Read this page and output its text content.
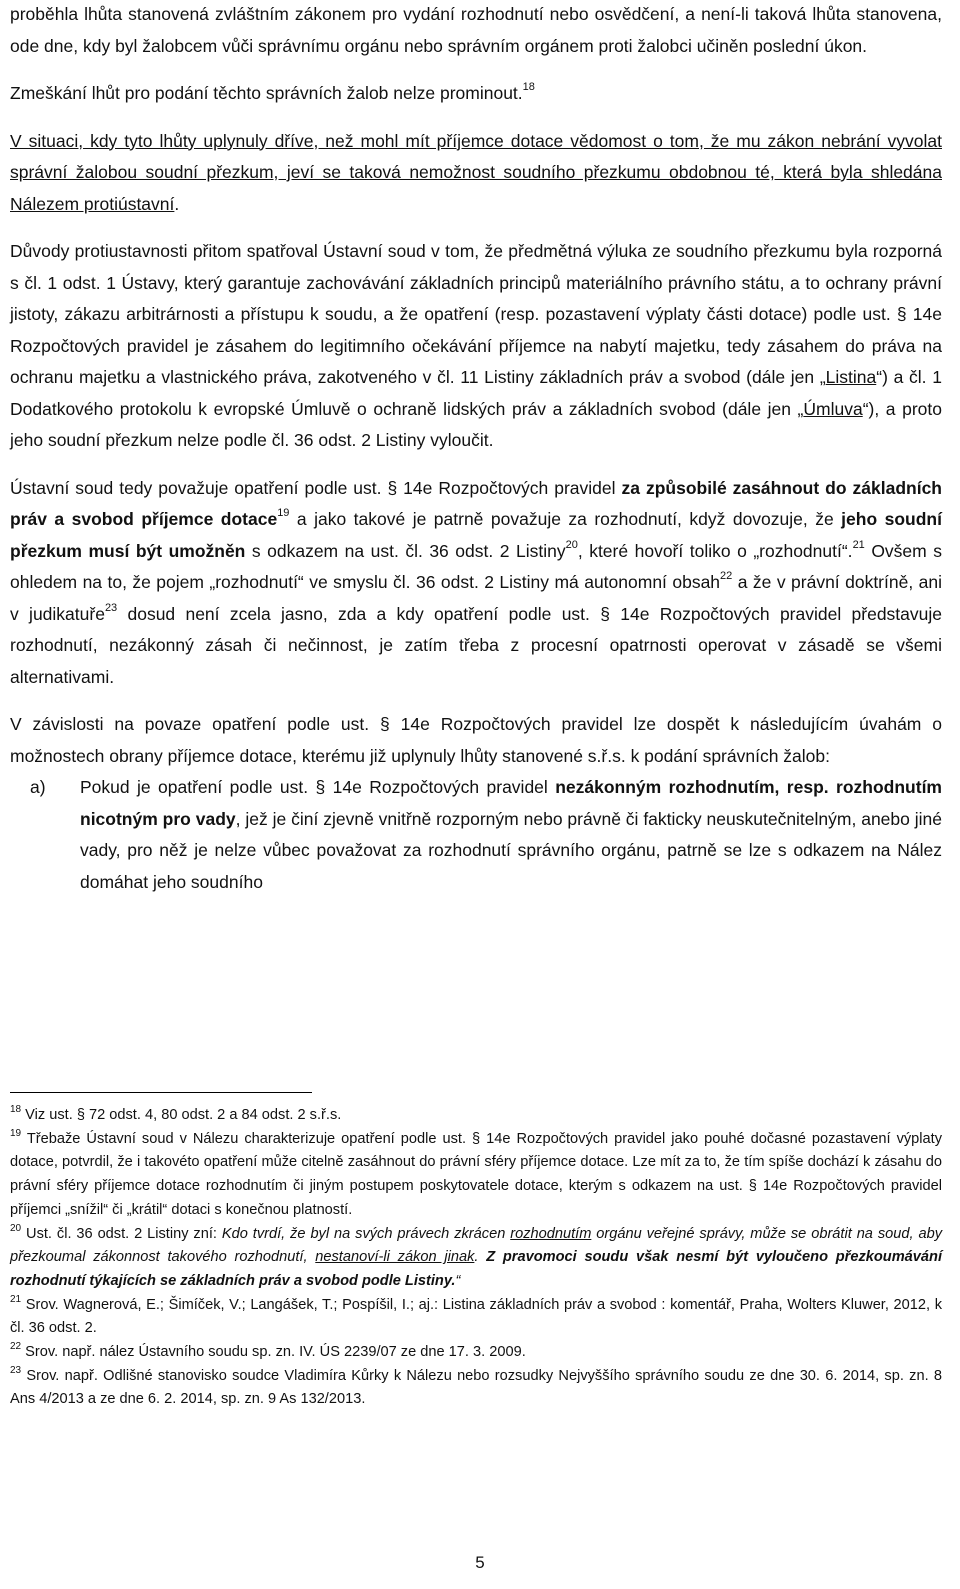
proběhla lhůta stanovená zvláštním zákonem pro vydání rozhodnutí nebo osvědčení, a není-li taková lhůta stanovena, ode dne, kdy byl žalobcem vůči správnímu orgánu nebo správním orgánem proti žalobci učiněn poslední úkon.

Zmeškání lhůt pro podání těchto správních žalob nelze prominout.$^{18}$

V situaci, kdy tyto lhůty uplynuly dříve, než mohl mít příjemce dotace vědomost o tom, že mu zákon nebrání vyvolat správní žalobou soudní přezkum, jeví se taková nemožnost soudního přezkumu obdobnou té, která byla shledána Nálezem protiústavní.

Důvody protiustavnosti přitom spatřoval Ústavní soud v tom, že předmětná výluka ze soudního přezkumu byla rozporná s čl. 1 odst. 1 Ústavy, který garantuje zachovávání základních principů materiálního právního státu, a to ochrany právní jistoty, zákazu arbitrárnosti a přístupu k soudu, a že opatření (resp. pozastavení výplaty části dotace) podle ust. § 14e Rozpočtových pravidel je zásahem do legitimního očekávání příjemce na nabytí majetku, tedy zásahem do práva na ochranu majetku a vlastnického práva, zakotveného v čl. 11 Listiny základních práv a svobod (dále jen „Listina“) a čl. 1 Dodatkového protokolu k evropské Úmluvě o ochraně lidských práv a základních svobod (dále jen „Úmluva“), a proto jeho soudní přezkum nelze podle čl. 36 odst. 2 Listiny vyloučit.

Ústavní soud tedy považuje opatření podle ust. § 14e Rozpočtových pravidel za způsobilé zasáhnout do základních práv a svobod příjemce dotace$^{19}$ a jako takové je patrně považuje za rozhodnutí, když dovozuje, že jeho soudní přezkum musí být umožněn s odkazem na ust. čl. 36 odst. 2 Listiny$^{20}$, které hovoří toliko o „rozhodnutí“.$^{21}$ Ovšem s ohledem na to, že pojem „rozhodnutí“ ve smyslu čl. 36 odst. 2 Listiny má autonomní obsah$^{22}$ a že v právní doktríně, ani v judikatuře$^{23}$ dosud není zcela jasno, zda a kdy opatření podle ust. § 14e Rozpočtových pravidel představuje rozhodnutí, nezákonný zásah či nečinnost, je zatím třeba z procesní opatrnosti operovat v zásadě se všemi alternativami.

V závislosti na povaze opatření podle ust. § 14e Rozpočtových pravidel lze dospět k následujícím úvahám o možnostech obrany příjemce dotace, kterému již uplynuly lhůty stanovené s.ř.s. k podání správních žalob:

a) Pokud je opatření podle ust. § 14e Rozpočtových pravidel nezákonným rozhodnutím, resp. rozhodnutím nicotným pro vady, jež je činí zjevně vnitřně rozporným nebo právně či fakticky neuskutečnitelným, anebo jiné vady, pro něž je nelze vůbec považovat za rozhodnutí správního orgánu, patrně se lze s odkazem na Nález domáhat jeho soudního

$^{18}$ Viz ust. § 72 odst. 4, 80 odst. 2 a 84 odst. 2 s.ř.s.

$^{19}$ Třebaže Ústavní soud v Nálezu charakterizuje opatření podle ust. § 14e Rozpočtových pravidel jako pouhé dočasné pozastavení výplaty dotace, potvrdil, že i takovéto opatření může citelně zasáhnout do právní sféry příjemce dotace. Lze mít za to, že tím spíše dochází k zásahu do právní sféry příjemce dotace rozhodnutím či jiným postupem poskytovatele dotace, kterým s odkazem na ust. § 14e Rozpočtových pravidel příjemci „snížil“ či „krátil“ dotaci s konečnou platností.

$^{20}$ Ust. čl. 36 odst. 2 Listiny zní: Kdo tvrdí, že byl na svých právech zkrácen rozhodnutím orgánu veřejné správy, může se obrátit na soud, aby přezkoumal zákonnost takového rozhodnutí, nestanoví-li zákon jinak. Z pravomoci soudu však nesmí být vyloučeno přezkoumávání rozhodnutí týkajících se základních práv a svobod podle Listiny.“

$^{21}$ Srov. Wagnerová, E.; Šimíček, V.; Langášek, T.; Pospíšil, I.; aj.: Listina základních práv a svobod : komentář, Praha, Wolters Kluwer, 2012, k čl. 36 odst. 2.

$^{22}$ Srov. např. nález Ústavního soudu sp. zn. IV. ÚS 2239/07 ze dne 17. 3. 2009.

$^{23}$ Srov. např. Odlišné stanovisko soudce Vladimíra Kůrky k Nálezu nebo rozsudky Nejvyššího správního soudu ze dne 30. 6. 2014, sp. zn. 8 Ans 4/2013 a ze dne 6. 2. 2014, sp. zn. 9 As 132/2013.

5
